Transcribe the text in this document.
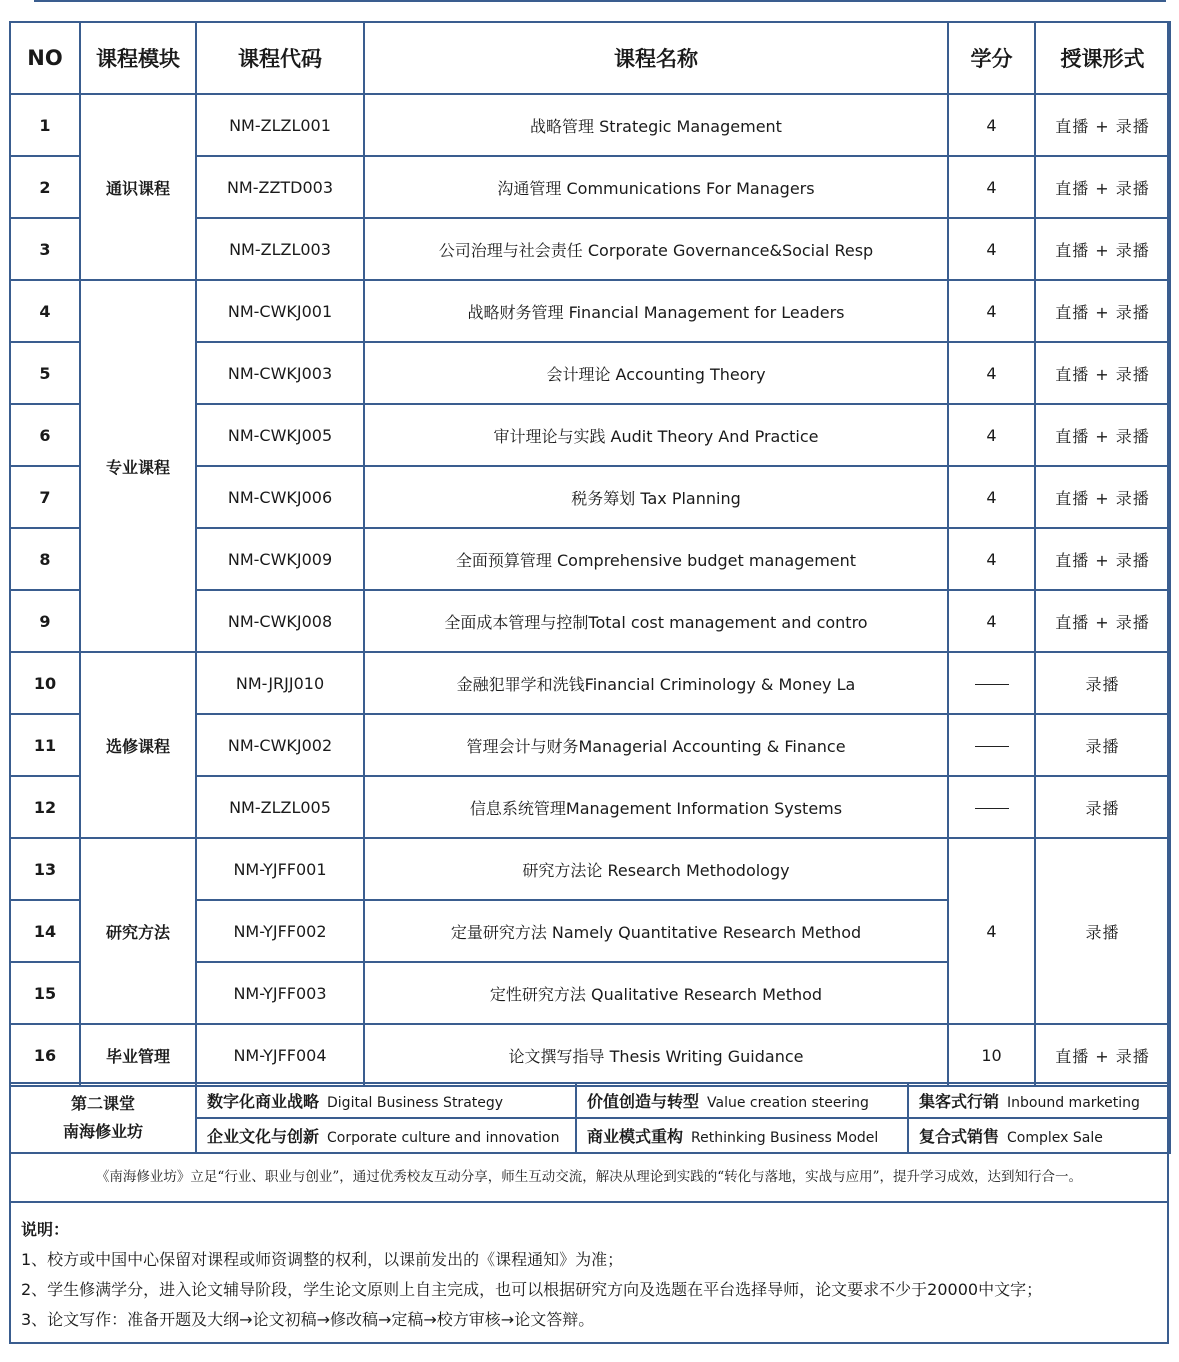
NO	课程模块	课程代码	课程名称	学分	授课形式
1	通识课程	NM-ZLZL001	战略管理 Strategic Management	4	直播 + 录播
2		NM-ZZTD003	沟通管理 Communications For Managers	4	直播 + 录播
3		NM-ZLZL003	公司治理与社会责任 Corporate Governance&Social Resp	4	直播 + 录播
4	专业课程	NM-CWKJ001	战略财务管理 Financial Management for Leaders	4	直播 + 录播
5		NM-CWKJ003	会计理论 Accounting Theory	4	直播 + 录播
6		NM-CWKJ005	审计理论与实践 Audit Theory And Practice	4	直播 + 录播
7		NM-CWKJ006	税务筹划 Tax Planning	4	直播 + 录播
8		NM-CWKJ009	全面预算管理 Comprehensive budget management	4	直播 + 录播
9		NM-CWKJ008	全面成本管理与控制Total cost management and contro	4	直播 + 录播
10	选修课程	NM-JRJJ010	金融犯罪学和洗钱Financial Criminology & Money La		录播
11		NM-CWKJ002	管理会计与财务Managerial Accounting & Finance		录播
12		NM-ZLZL005	信息系统管理Management Information Systems		录播
13	研究方法	NM-YJFF001	研究方法论 Research Methodology	4	录播
14		NM-YJFF002	定量研究方法 Namely Quantitative Research Method		
15		NM-YJFF003	定性研究方法 Qualitative Research Method		
16	毕业管理	NM-YJFF004	论文撰写指导 Thesis Writing Guidance	10	直播 + 录播
第二课堂
南海修业坊	数字化商业战略 Digital Business Strategy	价值创造与转型 Value creation steering	集客式行销 Inbound marketing
	企业文化与创新 Corporate culture and innovation	商业模式重构 Rethinking Business Model	复合式销售 Complex Sale
《南海修业坊》立足“行业、职业与创业”，通过优秀校友互动分享，师生互动交流，解决从理论到实践的“转化与落地，实战与应用”，提升学习成效，达到知行合一。
说明：
1、校方或中国中心保留对课程或师资调整的权利，以课前发出的《课程通知》为准；
2、学生修满学分，进入论文辅导阶段，学生论文原则上自主完成，也可以根据研究方向及选题在平台选择导师，论文要求不少于20000中文字；
3、论文写作：准备开题及大纲→论文初稿→修改稿→定稿→校方审核→论文答辩。
